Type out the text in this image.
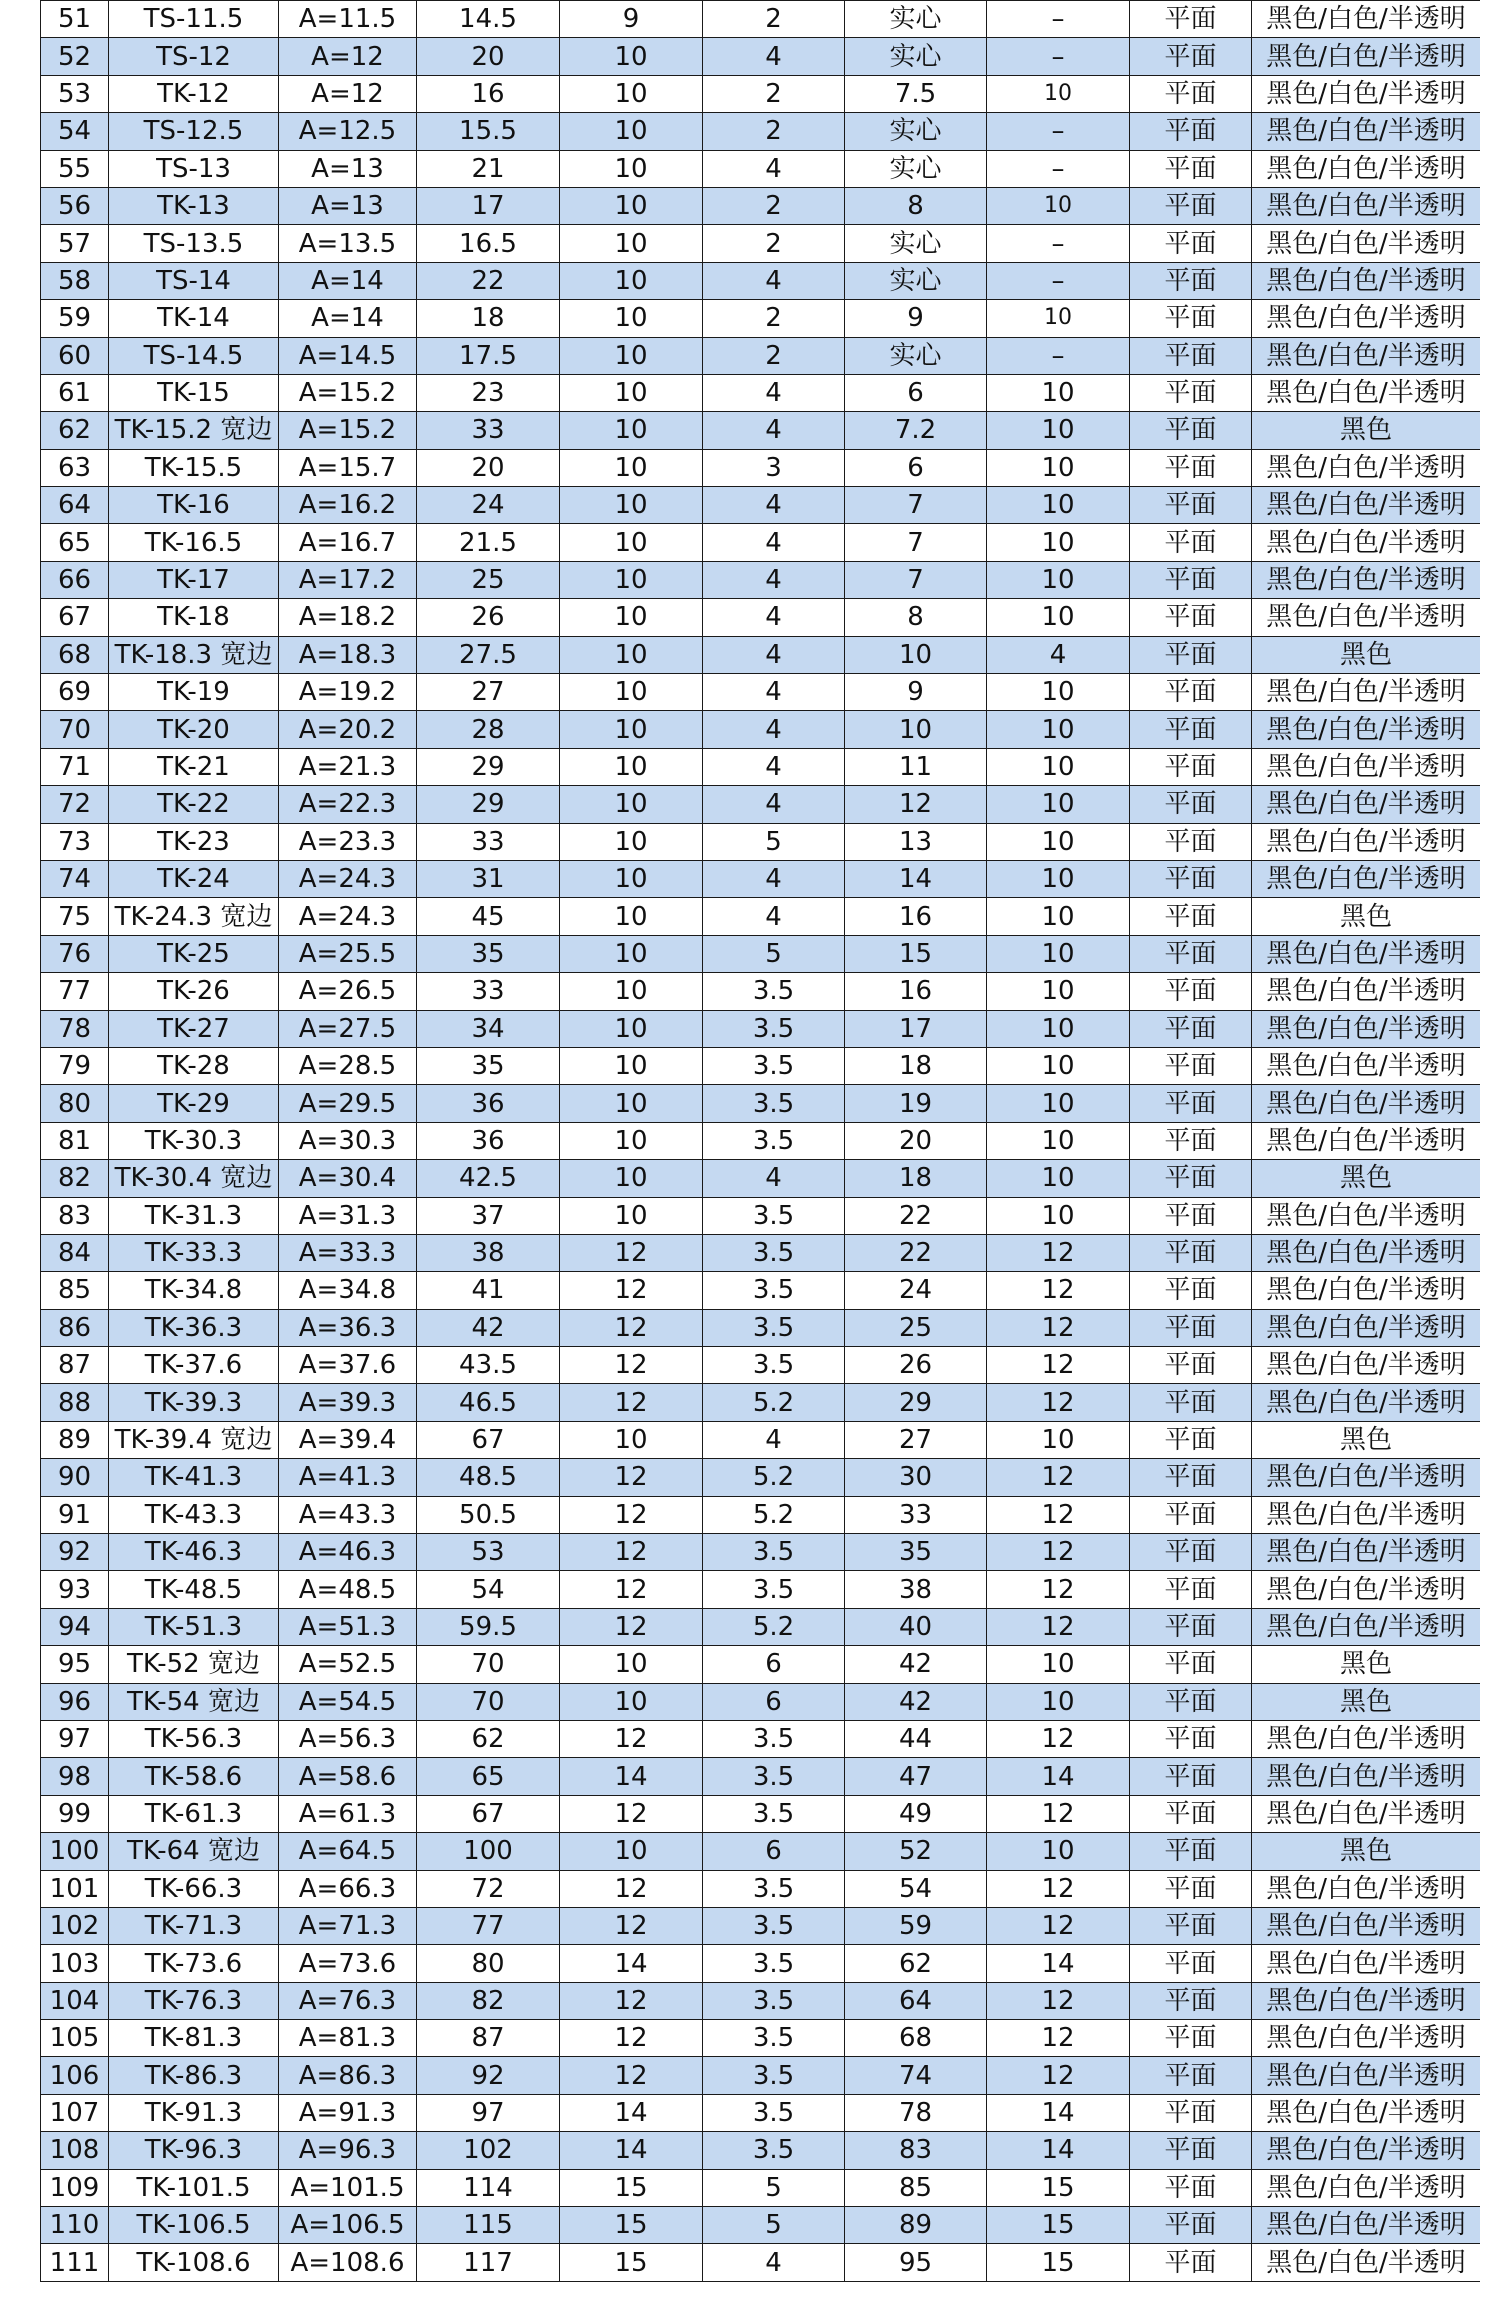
51	TS-11.5	A=11.5	14.5	9	2	实心	–	平面	黑色/白色/半透明
52	TS-12	A=12	20	10	4	实心	–	平面	黑色/白色/半透明
53	TK-12	A=12	16	10	2	7.5	10	平面	黑色/白色/半透明
54	TS-12.5	A=12.5	15.5	10	2	实心	–	平面	黑色/白色/半透明
55	TS-13	A=13	21	10	4	实心	–	平面	黑色/白色/半透明
56	TK-13	A=13	17	10	2	8	10	平面	黑色/白色/半透明
57	TS-13.5	A=13.5	16.5	10	2	实心	–	平面	黑色/白色/半透明
58	TS-14	A=14	22	10	4	实心	–	平面	黑色/白色/半透明
59	TK-14	A=14	18	10	2	9	10	平面	黑色/白色/半透明
60	TS-14.5	A=14.5	17.5	10	2	实心	–	平面	黑色/白色/半透明
61	TK-15	A=15.2	23	10	4	6	10	平面	黑色/白色/半透明
62	TK-15.2 宽边	A=15.2	33	10	4	7.2	10	平面	黑色
63	TK-15.5	A=15.7	20	10	3	6	10	平面	黑色/白色/半透明
64	TK-16	A=16.2	24	10	4	7	10	平面	黑色/白色/半透明
65	TK-16.5	A=16.7	21.5	10	4	7	10	平面	黑色/白色/半透明
66	TK-17	A=17.2	25	10	4	7	10	平面	黑色/白色/半透明
67	TK-18	A=18.2	26	10	4	8	10	平面	黑色/白色/半透明
68	TK-18.3 宽边	A=18.3	27.5	10	4	10	4	平面	黑色
69	TK-19	A=19.2	27	10	4	9	10	平面	黑色/白色/半透明
70	TK-20	A=20.2	28	10	4	10	10	平面	黑色/白色/半透明
71	TK-21	A=21.3	29	10	4	11	10	平面	黑色/白色/半透明
72	TK-22	A=22.3	29	10	4	12	10	平面	黑色/白色/半透明
73	TK-23	A=23.3	33	10	5	13	10	平面	黑色/白色/半透明
74	TK-24	A=24.3	31	10	4	14	10	平面	黑色/白色/半透明
75	TK-24.3 宽边	A=24.3	45	10	4	16	10	平面	黑色
76	TK-25	A=25.5	35	10	5	15	10	平面	黑色/白色/半透明
77	TK-26	A=26.5	33	10	3.5	16	10	平面	黑色/白色/半透明
78	TK-27	A=27.5	34	10	3.5	17	10	平面	黑色/白色/半透明
79	TK-28	A=28.5	35	10	3.5	18	10	平面	黑色/白色/半透明
80	TK-29	A=29.5	36	10	3.5	19	10	平面	黑色/白色/半透明
81	TK-30.3	A=30.3	36	10	3.5	20	10	平面	黑色/白色/半透明
82	TK-30.4 宽边	A=30.4	42.5	10	4	18	10	平面	黑色
83	TK-31.3	A=31.3	37	10	3.5	22	10	平面	黑色/白色/半透明
84	TK-33.3	A=33.3	38	12	3.5	22	12	平面	黑色/白色/半透明
85	TK-34.8	A=34.8	41	12	3.5	24	12	平面	黑色/白色/半透明
86	TK-36.3	A=36.3	42	12	3.5	25	12	平面	黑色/白色/半透明
87	TK-37.6	A=37.6	43.5	12	3.5	26	12	平面	黑色/白色/半透明
88	TK-39.3	A=39.3	46.5	12	5.2	29	12	平面	黑色/白色/半透明
89	TK-39.4 宽边	A=39.4	67	10	4	27	10	平面	黑色
90	TK-41.3	A=41.3	48.5	12	5.2	30	12	平面	黑色/白色/半透明
91	TK-43.3	A=43.3	50.5	12	5.2	33	12	平面	黑色/白色/半透明
92	TK-46.3	A=46.3	53	12	3.5	35	12	平面	黑色/白色/半透明
93	TK-48.5	A=48.5	54	12	3.5	38	12	平面	黑色/白色/半透明
94	TK-51.3	A=51.3	59.5	12	5.2	40	12	平面	黑色/白色/半透明
95	TK-52 宽边	A=52.5	70	10	6	42	10	平面	黑色
96	TK-54 宽边	A=54.5	70	10	6	42	10	平面	黑色
97	TK-56.3	A=56.3	62	12	3.5	44	12	平面	黑色/白色/半透明
98	TK-58.6	A=58.6	65	14	3.5	47	14	平面	黑色/白色/半透明
99	TK-61.3	A=61.3	67	12	3.5	49	12	平面	黑色/白色/半透明
100	TK-64 宽边	A=64.5	100	10	6	52	10	平面	黑色
101	TK-66.3	A=66.3	72	12	3.5	54	12	平面	黑色/白色/半透明
102	TK-71.3	A=71.3	77	12	3.5	59	12	平面	黑色/白色/半透明
103	TK-73.6	A=73.6	80	14	3.5	62	14	平面	黑色/白色/半透明
104	TK-76.3	A=76.3	82	12	3.5	64	12	平面	黑色/白色/半透明
105	TK-81.3	A=81.3	87	12	3.5	68	12	平面	黑色/白色/半透明
106	TK-86.3	A=86.3	92	12	3.5	74	12	平面	黑色/白色/半透明
107	TK-91.3	A=91.3	97	14	3.5	78	14	平面	黑色/白色/半透明
108	TK-96.3	A=96.3	102	14	3.5	83	14	平面	黑色/白色/半透明
109	TK-101.5	A=101.5	114	15	5	85	15	平面	黑色/白色/半透明
110	TK-106.5	A=106.5	115	15	5	89	15	平面	黑色/白色/半透明
111	TK-108.6	A=108.6	117	15	4	95	15	平面	黑色/白色/半透明
